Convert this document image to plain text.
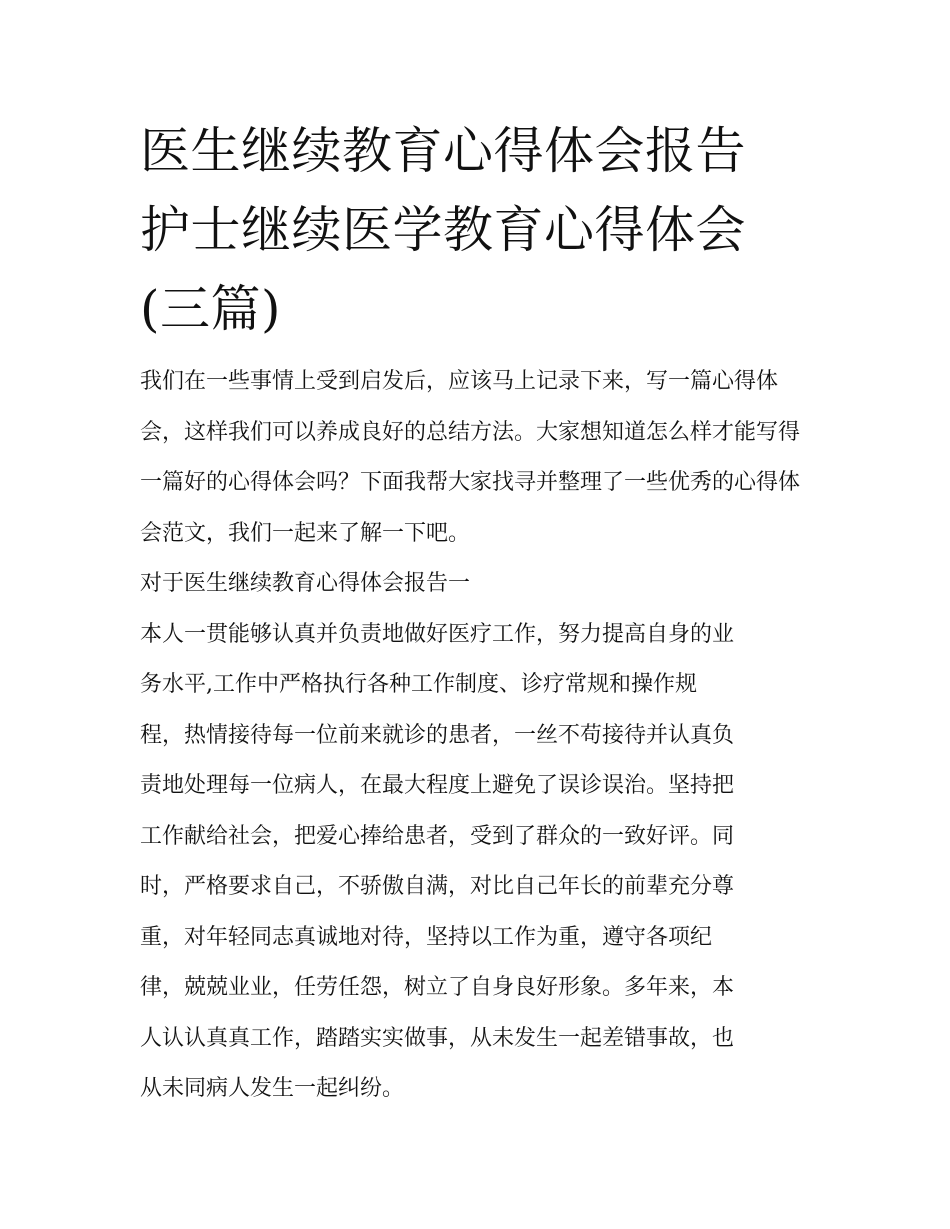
医生继续教育心得体会报告 护士继续医学教育心得体会(三篇)

我们在一些事情上受到启发后，应该马上记录下来，写一篇心得体会，这样我们可以养成良好的总结方法。大家想知道怎么样才能写得一篇好的心得体会吗？下面我帮大家找寻并整理了一些优秀的心得体会范文，我们一起来了解一下吧。

对于医生继续教育心得体会报告一

本人一贯能够认真并负责地做好医疗工作，努力提高自身的业
务水平,工作中严格执行各种工作制度、诊疗常规和操作规
程，热情接待每一位前来就诊的患者，一丝不苟接待并认真负
责地处理每一位病人，在最大程度上避免了误诊误治。坚持把
工作献给社会，把爱心捧给患者，受到了群众的一致好评。同
时，严格要求自己，不骄傲自满，对比自己年长的前辈充分尊
重，对年轻同志真诚地对待，坚持以工作为重，遵守各项纪
律，兢兢业业，任劳任怨，树立了自身良好形象。多年来，本
人认认真真工作，踏踏实实做事，从未发生一起差错事故，也
从未同病人发生一起纠纷。
